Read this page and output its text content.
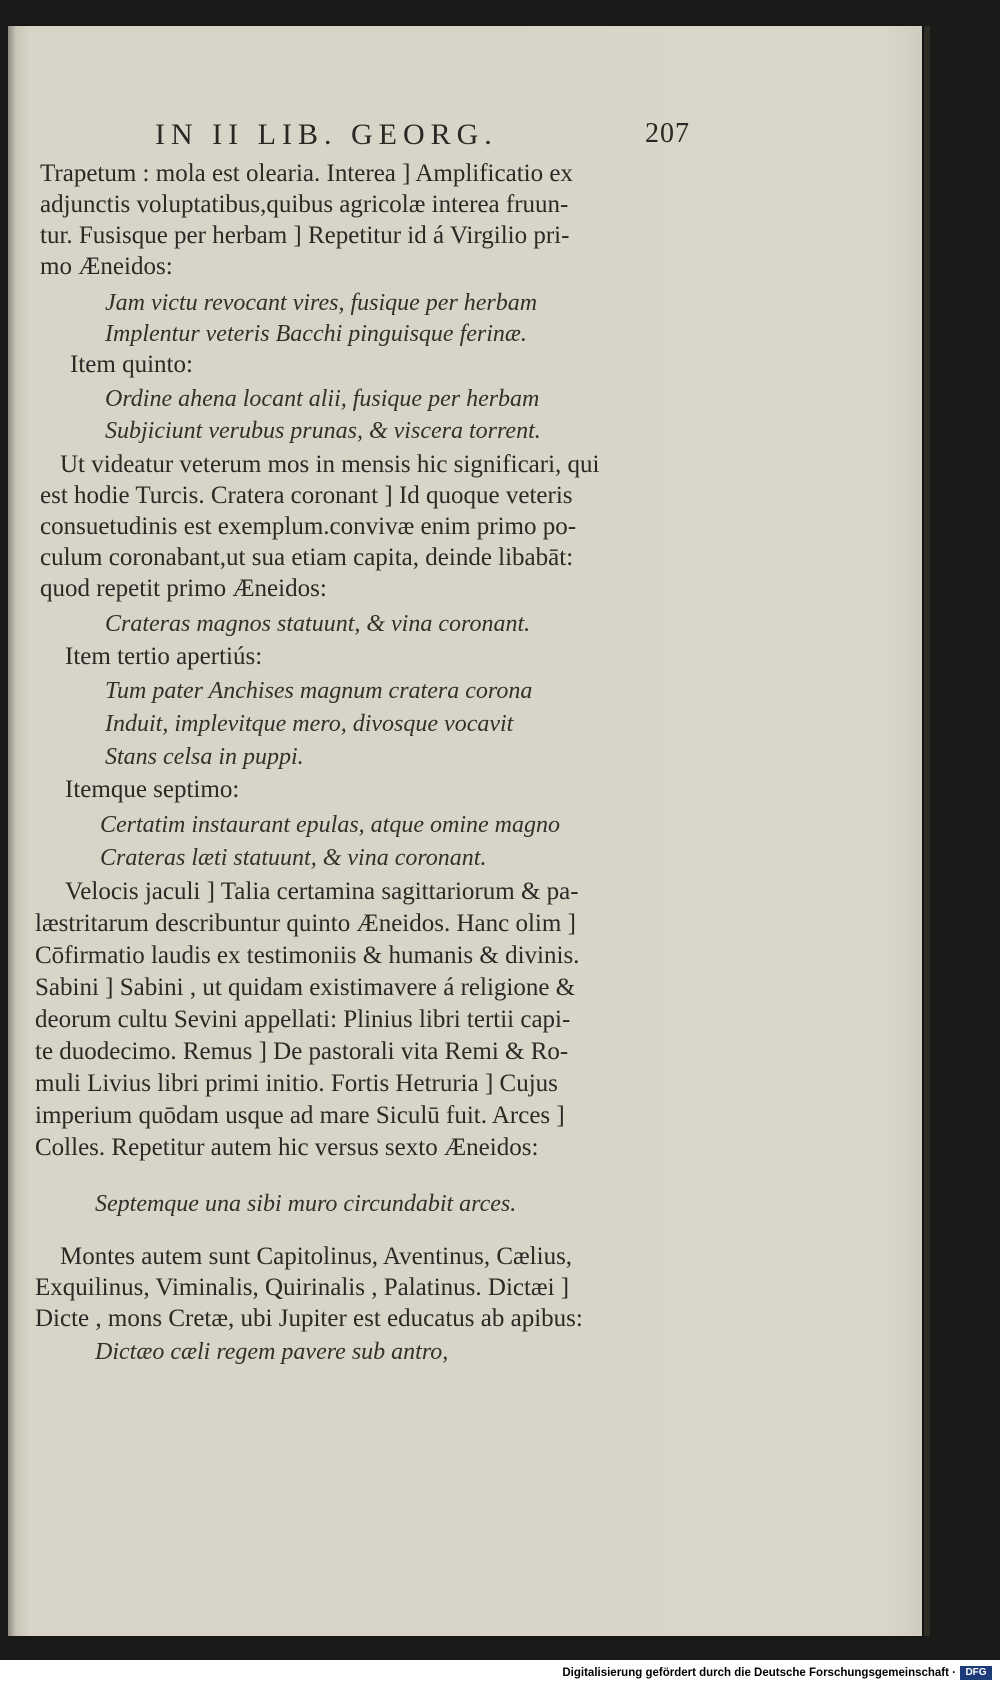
IN II LIB. GEORG.	207
Trapetum : mola est olearia. Interea ] Amplificatio ex
adjunctis voluptatibus,quibus agricolæ interea fruun-
tur. Fusisque per herbam ] Repetitur id á Virgilio pri-
mo Æneidos:
Jam victu revocant vires, fusique per herbam
Implentur veteris Bacchi pinguisque ferinæ.
Item quinto:
Ordine ahena locant alii, fusique per herbam
Subjiciunt verubus prunas, & viscera torrent.
Ut videatur veterum mos in mensis hic significari, qui
est hodie Turcis. Cratera coronant ] Id quoque veteris
consuetudinis est exemplum.convivæ enim primo po-
culum coronabant,ut sua etiam capita, deinde libabāt:
quod repetit primo Æneidos:
Crateras magnos statuunt, & vina coronant.
Item tertio apertiús:
Tum pater Anchises magnum cratera corona
Induit, implevitque mero, divosque vocavit
Stans celsa in puppi.
Itemque septimo:
Certatim instaurant epulas, atque omine magno
Crateras læti statuunt, & vina coronant.
Velocis jaculi ] Talia certamina sagittariorum & pa-
læstritarum describuntur quinto Æneidos. Hanc olim ]
Cōfirmatio laudis ex testimoniis & humanis & divinis.
Sabini ] Sabini , ut quidam existimavere á religione &
deorum cultu Sevini appellati: Plinius libri tertii capi-
te duodecimo. Remus ] De pastorali vita Remi & Ro-
muli Livius libri primi initio. Fortis Hetruria ] Cujus
imperium quōdam usque ad mare Siculū fuit. Arces ]
Colles. Repetitur autem hic versus sexto Æneidos:
Septemque una sibi muro circundabit arces.
Montes autem sunt Capitolinus, Aventinus, Cælius,
Exquilinus, Viminalis, Quirinalis , Palatinus. Dictæi ]
Dicte , mons Cretæ, ubi Jupiter est educatus ab apibus:
Dictæo cæli regem pavere sub antro,
Digitalisierung gefördert durch die Deutsche Forschungsgemeinschaft · DFG
